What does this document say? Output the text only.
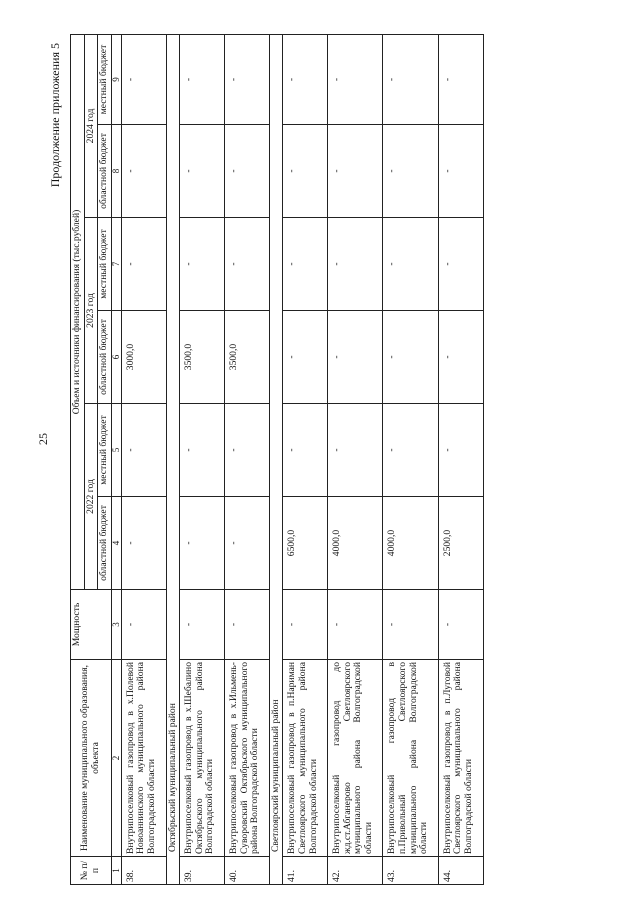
25
Продолжение приложения 5
№ п/п	Наименование муниципального образования, объекта	Мощность	Объем и источники финансирования (тыс.рублей)					
			2022 год		2023 год		2024 год	
			областной бюджет	местный бюджет	областной бюджет	местный бюджет	областной бюджет	местный бюджет
1	2	3	4	5	6	7	8	9
38.	Внутрипоселковый газопровод в х.Полевой Новоаннинского муниципального района Волгоградской области	-	-	-	3000,0	-	-	-
Октябрьский муниципальный район								
39.	Внутрипоселковый газопровод в х.Шебалино Октябрьского муниципального района Волгоградской области	-	-	-	3500,0	-	-	-
40.	Внутрипоселковый газопровод в х.Ильмень-Суворовский Октябрьского муниципального района Волгоградской области	-	-	-	3500,0	-	-	-
Светлоярский муниципальный район								
41.	Внутрипоселковый газопровод в п.Нариман Светлоярского муниципального района Волгоградской области	-	6500,0	-	-	-	-	-
42.	Внутрипоселковый газопровод до жд.ст.Абганерово Светлоярского муниципального района Волгоградской области	-	4000,0	-	-	-	-	-
43.	Внутрипоселковый газопровод в п.Привольный Светлоярского муниципального района Волгоградской области	-	4000,0	-	-	-	-	-
44.	Внутрипоселковый газопровод в п.Луговой Светлоярского муниципального района Волгоградской области	-	2500,0	-	-	-	-	-
